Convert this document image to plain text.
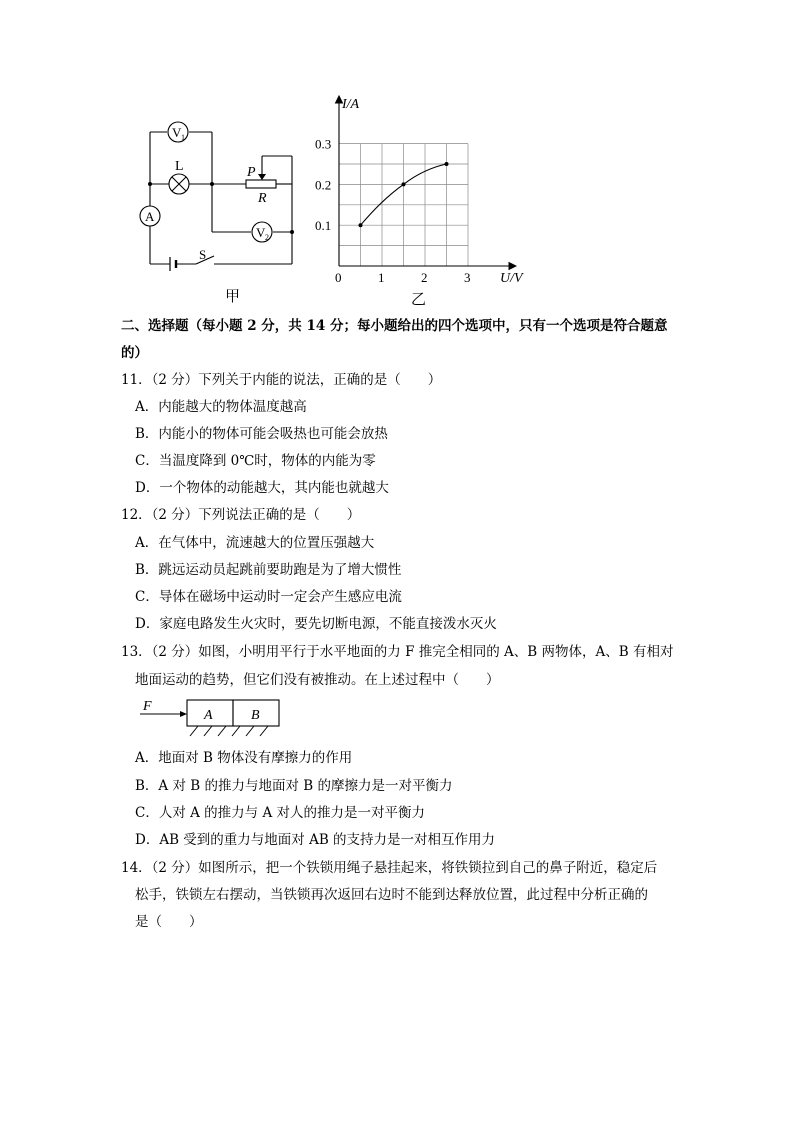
V 1
V 2
A
L	P
R
S
甲
0	1	2	3
0.1
0.2
0.3
I/A
U/V
乙
二、选择题（每小题 2 分，共 14 分；每小题给出的四个选项中，只有一个选项是符合题意
的）
11．（2 分）下列关于内能的说法，正确的是（　　）
A．内能越大的物体温度越高
B．内能小的物体可能会吸热也可能会放热
C．当温度降到 0℃时，物体的内能为零
D．一个物体的动能越大，其内能也就越大
12．（2 分）下列说法正确的是（　　）
A．在气体中，流速越大的位置压强越大
B．跳远运动员起跳前要助跑是为了增大惯性
C．导体在磁场中运动时一定会产生感应电流
D．家庭电路发生火灾时，要先切断电源，不能直接泼水灭火
13．（2 分）如图，小明用平行于水平地面的力 F 推完全相同的 A、B 两物体，A、B 有相对
地面运动的趋势，但它们没有被推动。在上述过程中（　　）
F
A	B
A．地面对 B 物体没有摩擦力的作用
B．A 对 B 的推力与地面对 B 的摩擦力是一对平衡力
C．人对 A 的推力与 A 对人的推力是一对平衡力
D．AB 受到的重力与地面对 AB 的支持力是一对相互作用力
14．（2 分）如图所示，把一个铁锁用绳子悬挂起来，将铁锁拉到自己的鼻子附近，稳定后
松手，铁锁左右摆动，当铁锁再次返回右边时不能到达释放位置，此过程中分析正确的
是（　　）
